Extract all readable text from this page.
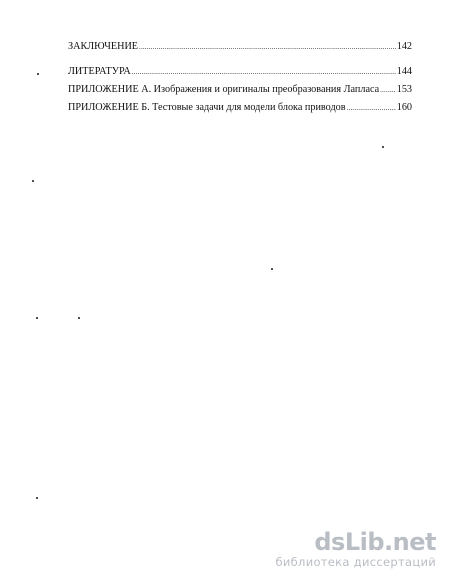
ЗАКЛЮЧЕНИЕ .....	142
ЛИТЕРАТУРА .....	144
ПРИЛОЖЕНИЕ А. Изображения и оригиналы преобразования Лапласа ..... 153
ПРИЛОЖЕНИЕ Б. Тестовые задачи для модели блока приводов .....	160
dsLib.net
библиотека диссертаций
